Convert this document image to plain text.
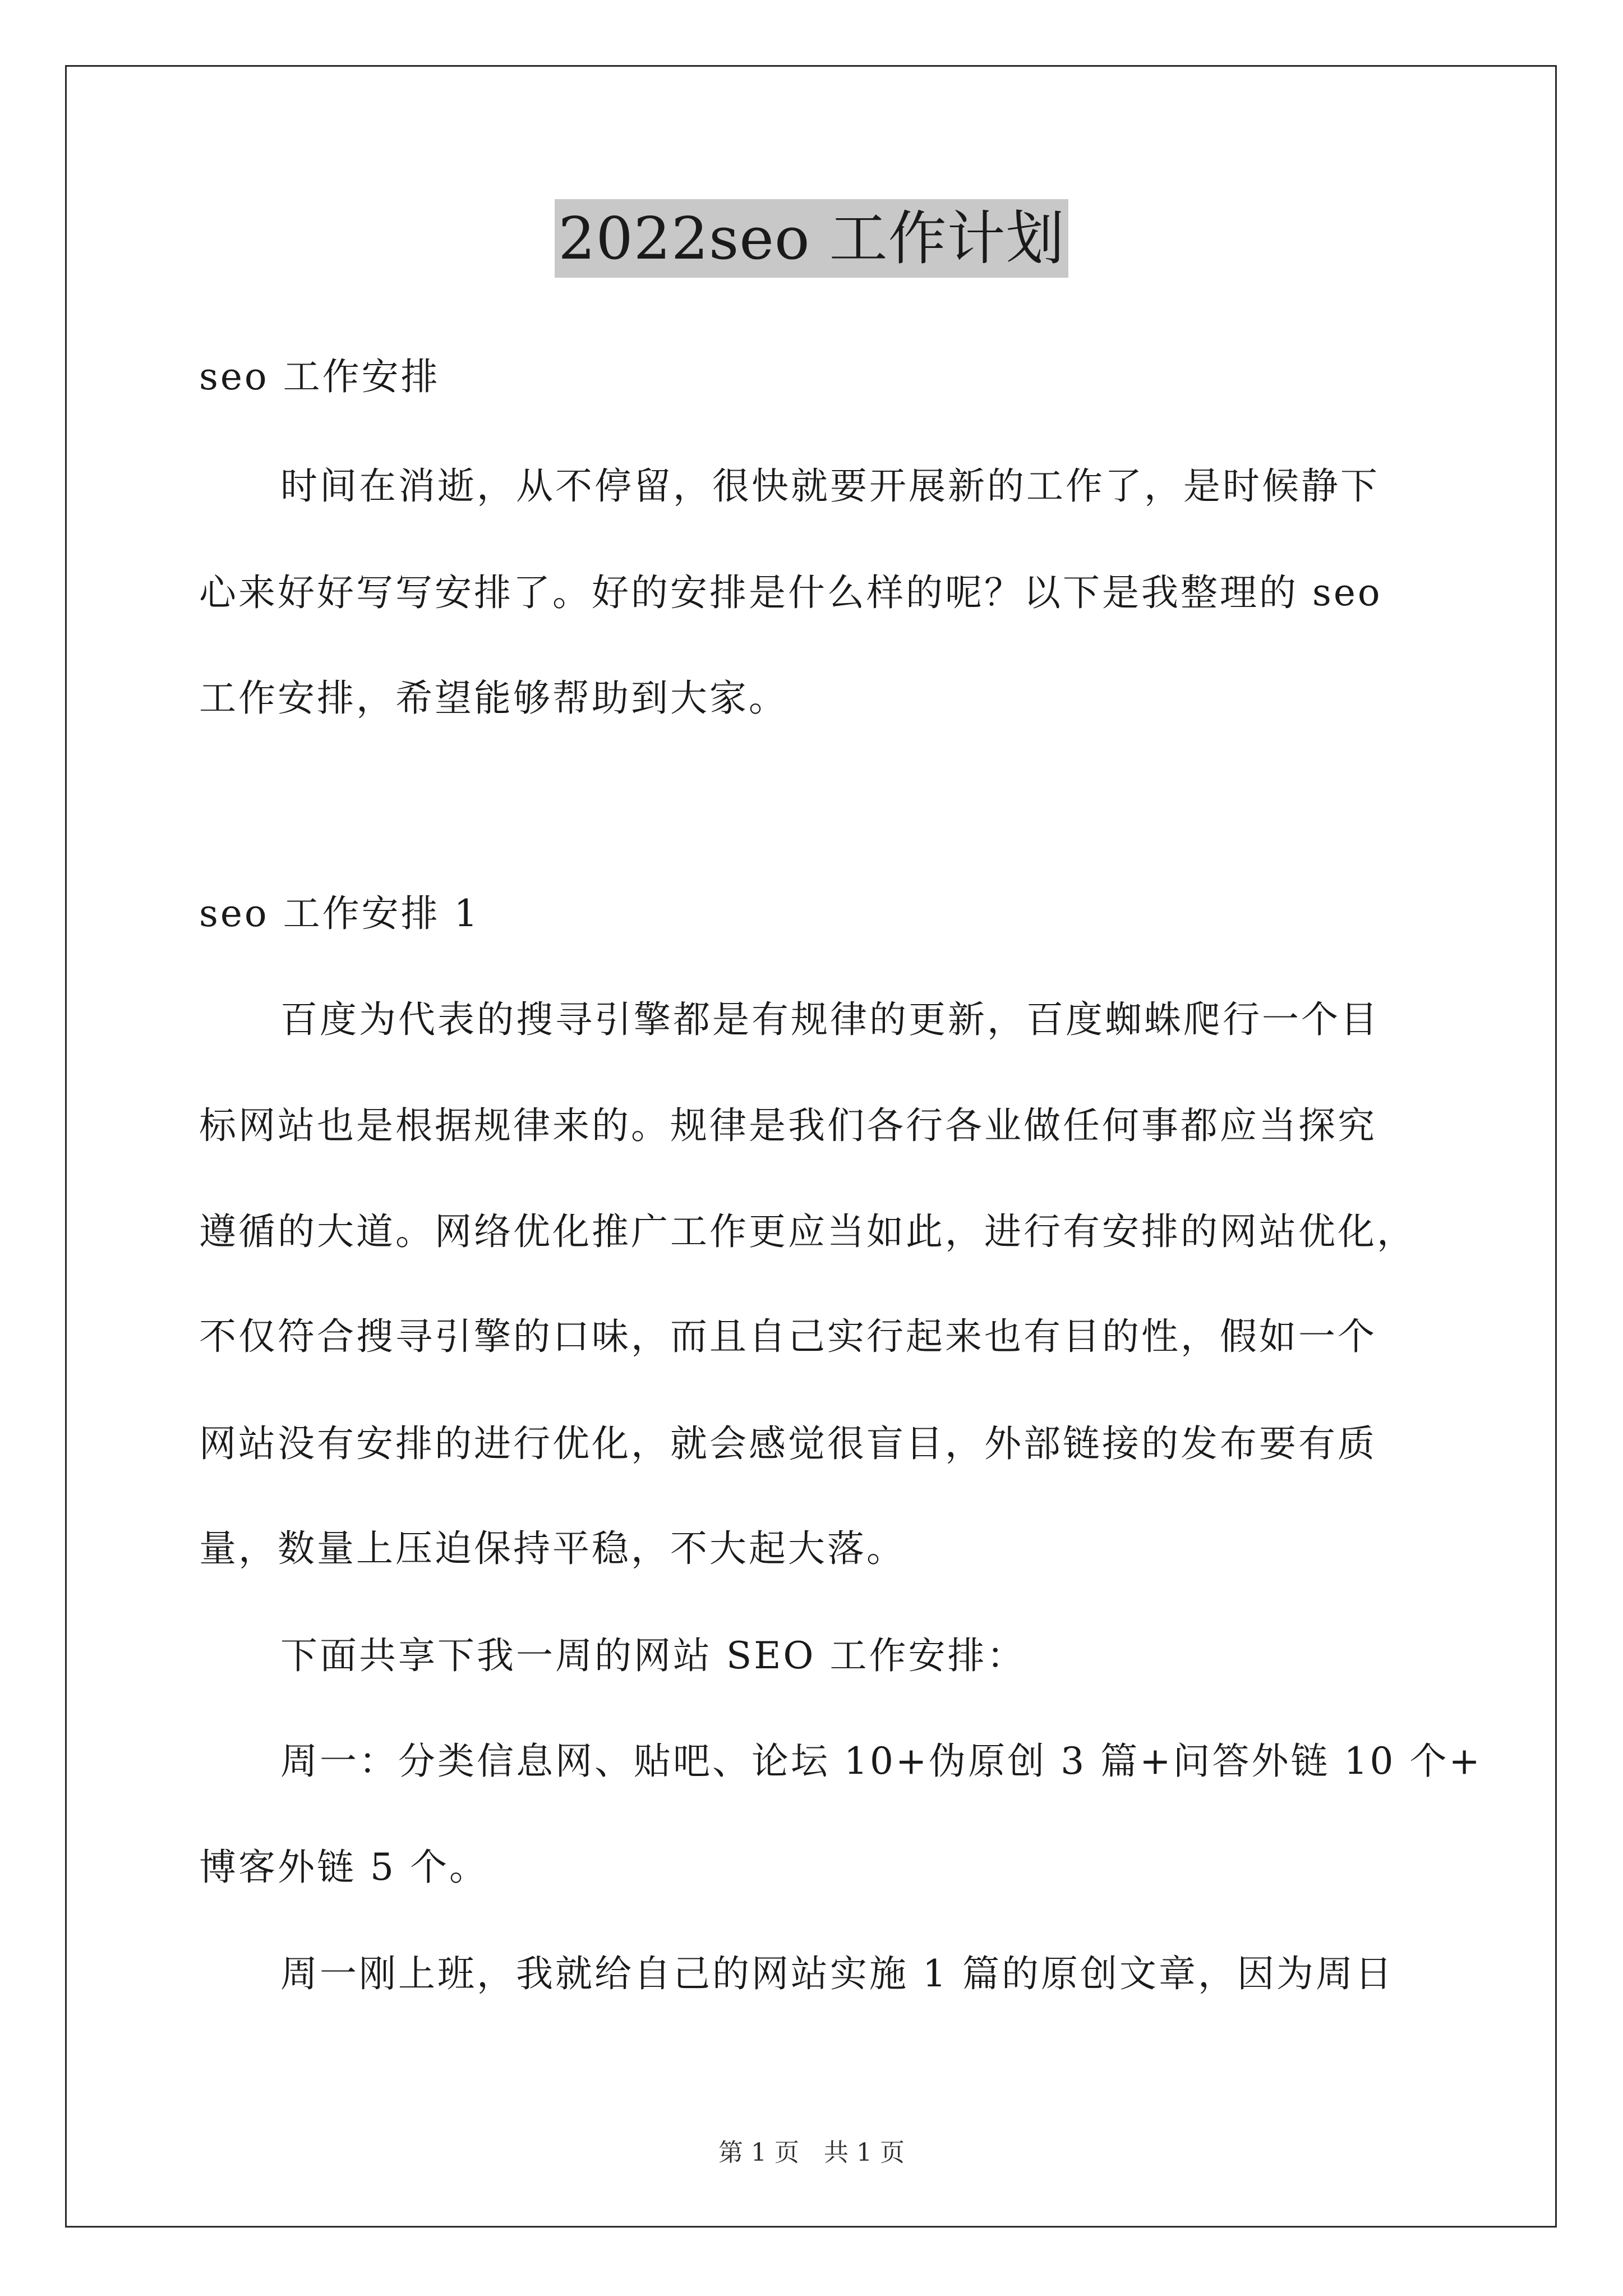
2022seo 工作计划
seo 工作安排
时间在消逝，从不停留，很快就要开展新的工作了，是时候静下
心来好好写写安排了。好的安排是什么样的呢？以下是我整理的 seo
工作安排，希望能够帮助到大家。
seo 工作安排 1
百度为代表的搜寻引擎都是有规律的更新，百度蜘蛛爬行一个目
标网站也是根据规律来的。规律是我们各行各业做任何事都应当探究
遵循的大道。网络优化推广工作更应当如此，进行有安排的网站优化，
不仅符合搜寻引擎的口味，而且自己实行起来也有目的性，假如一个
网站没有安排的进行优化，就会感觉很盲目，外部链接的发布要有质
量，数量上压迫保持平稳，不大起大落。
下面共享下我一周的网站 SEO 工作安排：
周一：分类信息网、贴吧、论坛 10+伪原创 3 篇+问答外链 10 个+
博客外链 5 个。
周一刚上班，我就给自己的网站实施 1 篇的原创文章，因为周日
第 1 页　共 1 页
